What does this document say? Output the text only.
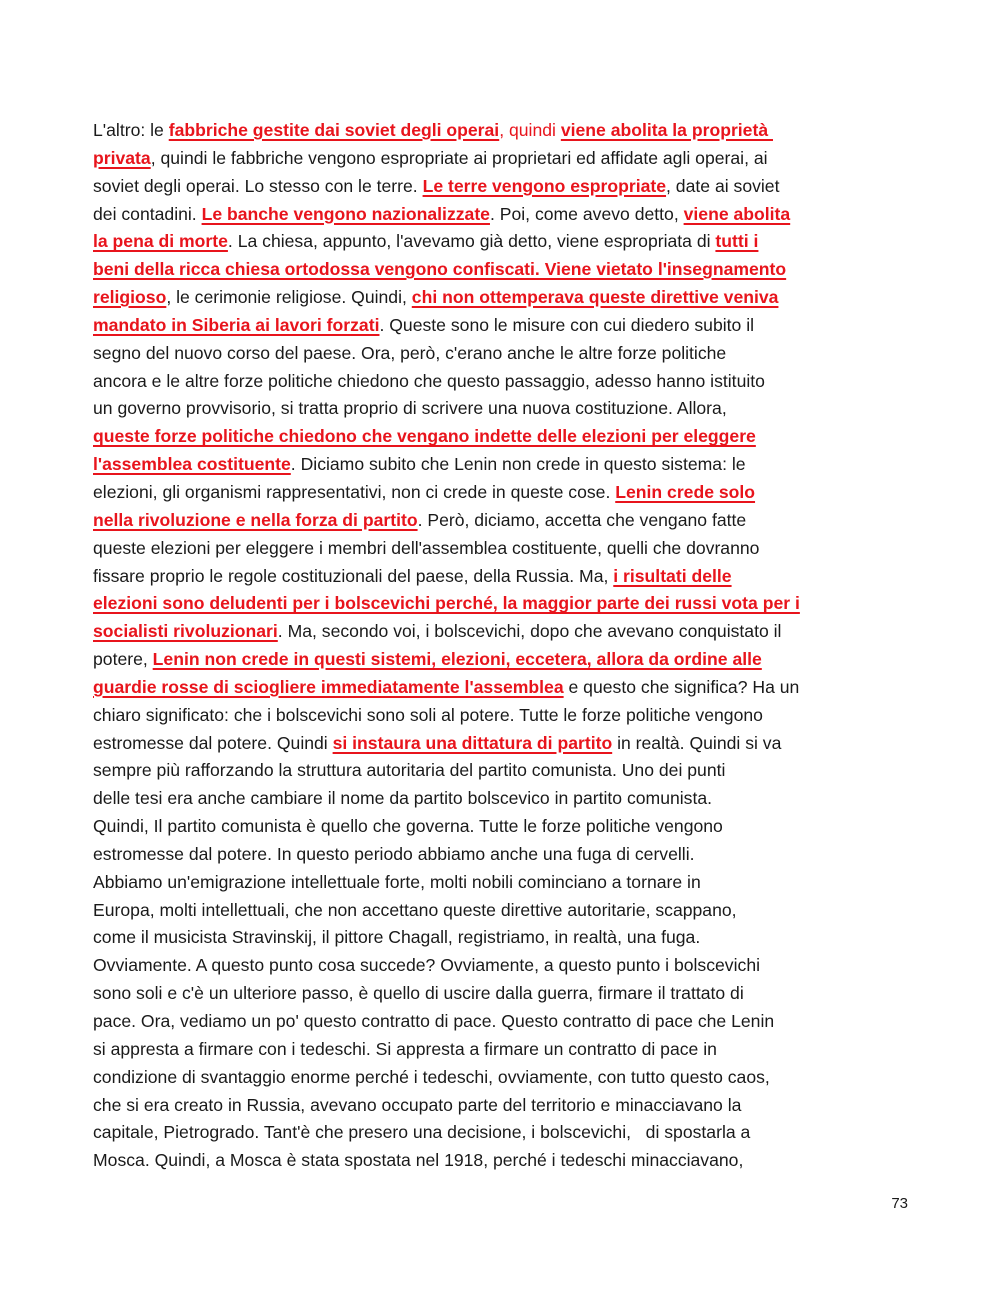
L'altro: le fabbriche gestite dai soviet degli operai, quindi viene abolita la proprietà
privata, quindi le fabbriche vengono espropriate ai proprietari ed affidate agli operai, ai
soviet degli operai. Lo stesso con le terre. Le terre vengono espropriate, date ai soviet
dei contadini. Le banche vengono nazionalizzate. Poi, come avevo detto, viene abolita
la pena di morte. La chiesa, appunto, l'avevamo già detto, viene espropriata di tutti i
beni della ricca chiesa ortodossa vengono confiscati. Viene vietato l'insegnamento
religioso, le cerimonie religiose. Quindi, chi non ottemperava queste direttive veniva
mandato in Siberia ai lavori forzati. Queste sono le misure con cui diedero subito il
segno del nuovo corso del paese. Ora, però, c'erano anche le altre forze politiche
ancora e le altre forze politiche chiedono che questo passaggio, adesso hanno istituito
un governo provvisorio, si tratta proprio di scrivere una nuova costituzione. Allora,
queste forze politiche chiedono che vengano indette delle elezioni per eleggere
l'assemblea costituente. Diciamo subito che Lenin non crede in questo sistema: le
elezioni, gli organismi rappresentativi, non ci crede in queste cose. Lenin crede solo
nella rivoluzione e nella forza di partito. Però, diciamo, accetta che vengano fatte
queste elezioni per eleggere i membri dell'assemblea costituente, quelli che dovranno
fissare proprio le regole costituzionali del paese, della Russia. Ma, i risultati delle
elezioni sono deludenti per i bolscevichi perché, la maggior parte dei russi vota per i
socialisti rivoluzionari. Ma, secondo voi, i bolscevichi, dopo che avevano conquistato il
potere, Lenin non crede in questi sistemi, elezioni, eccetera, allora da ordine alle
guardie rosse di sciogliere immediatamente l'assemblea e questo che significa? Ha un
chiaro significato: che i bolscevichi sono soli al potere. Tutte le forze politiche vengono
estromesse dal potere. Quindi si instaura una dittatura di partito in realtà. Quindi si va
sempre più rafforzando la struttura autoritaria del partito comunista. Uno dei punti
delle tesi era anche cambiare il nome da partito bolscevico in partito comunista.
Quindi, Il partito comunista è quello che governa. Tutte le forze politiche vengono
estromesse dal potere. In questo periodo abbiamo anche una fuga di cervelli.
Abbiamo un'emigrazione intellettuale forte, molti nobili cominciano a tornare in
Europa, molti intellettuali, che non accettano queste direttive autoritarie, scappano,
come il musicista Stravinskij, il pittore Chagall, registriamo, in realtà, una fuga.
Ovviamente. A questo punto cosa succede? Ovviamente, a questo punto i bolscevichi
sono soli e c'è un ulteriore passo, è quello di uscire dalla guerra, firmare il trattato di
pace. Ora, vediamo un po' questo contratto di pace. Questo contratto di pace che Lenin
si appresta a firmare con i tedeschi. Si appresta a firmare un contratto di pace in
condizione di svantaggio enorme perché i tedeschi, ovviamente, con tutto questo caos,
che si era creato in Russia, avevano occupato parte del territorio e minacciavano la
capitale, Pietrogrado. Tant'è che presero una decisione, i bolscevichi,   di spostarla a
Mosca. Quindi, a Mosca è stata spostata nel 1918, perché i tedeschi minacciavano,
73
